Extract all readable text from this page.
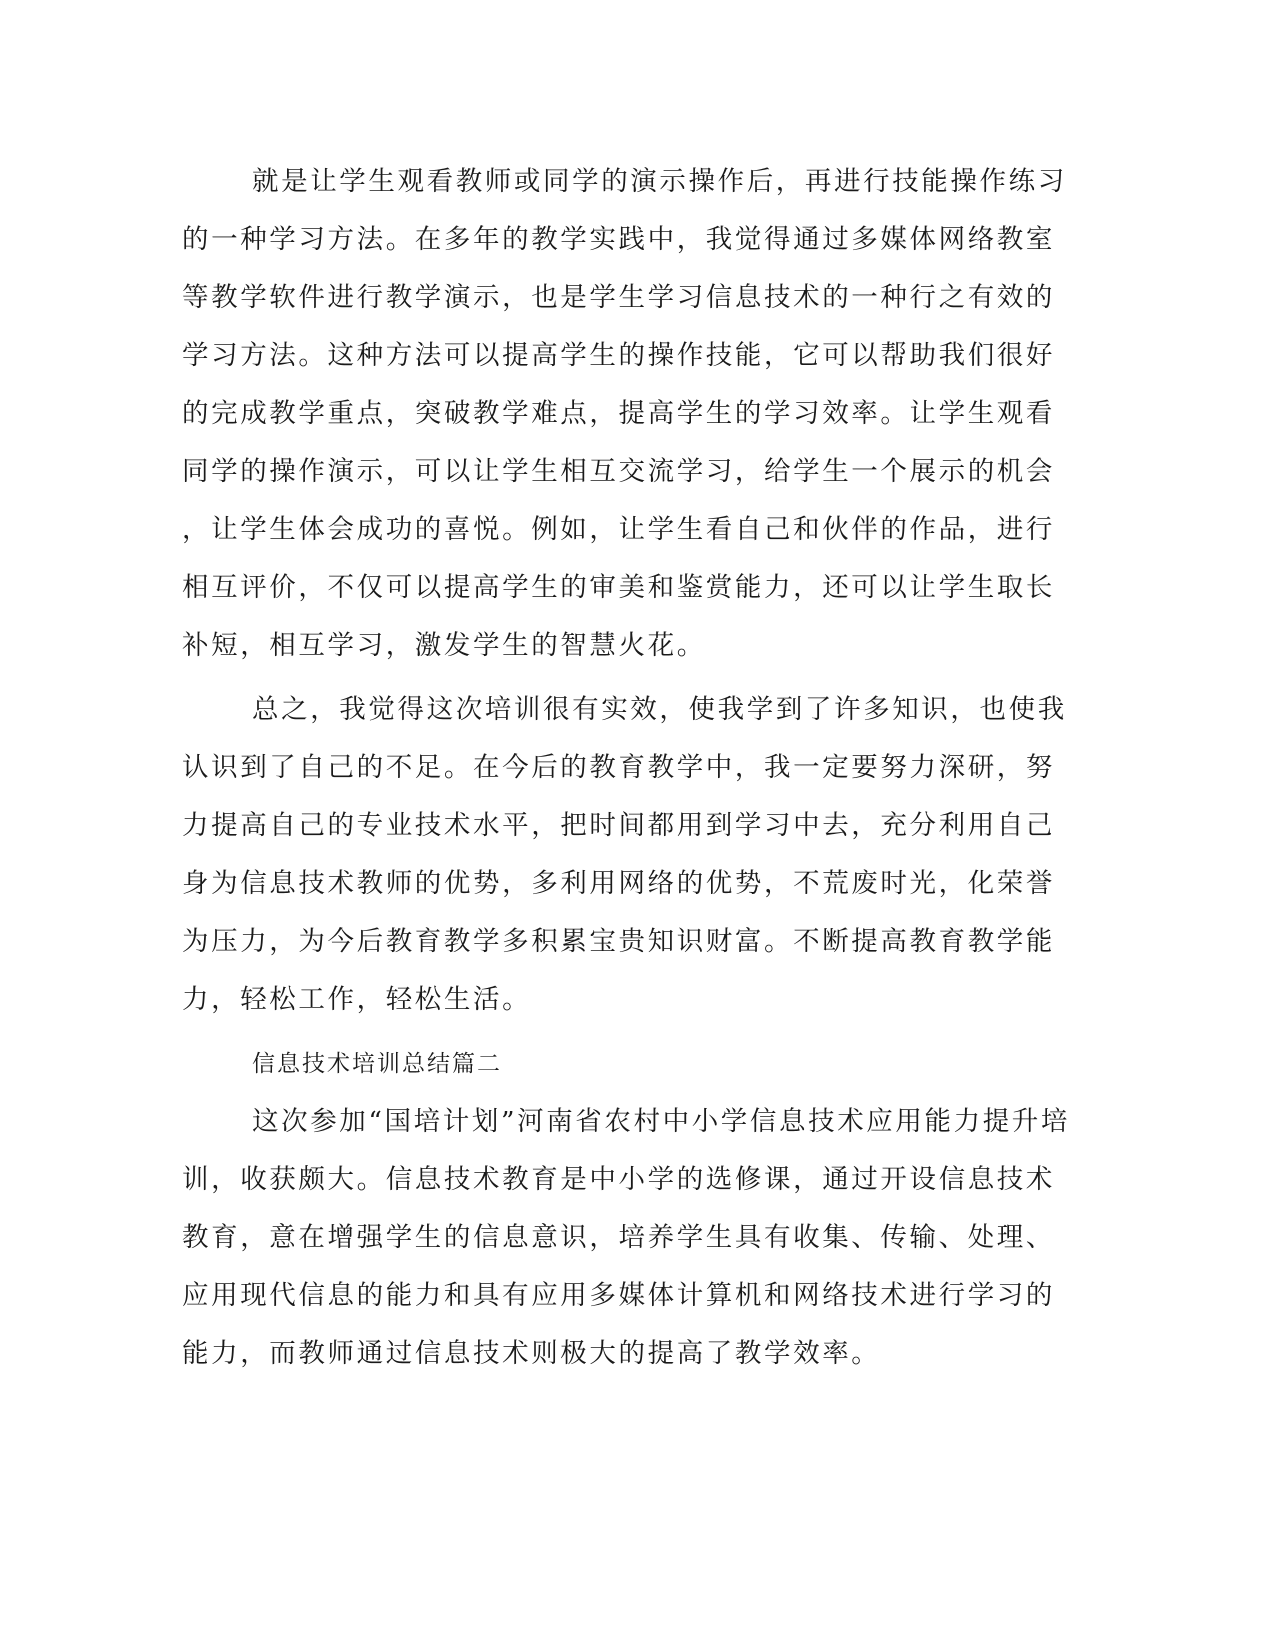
就是让学生观看教师或同学的演示操作后，再进行技能操作练习
的一种学习方法。在多年的教学实践中，我觉得通过多媒体网络教室
等教学软件进行教学演示，也是学生学习信息技术的一种行之有效的
学习方法。这种方法可以提高学生的操作技能，它可以帮助我们很好
的完成教学重点，突破教学难点，提高学生的学习效率。让学生观看
同学的操作演示，可以让学生相互交流学习，给学生一个展示的机会
，让学生体会成功的喜悦。例如，让学生看自己和伙伴的作品，进行
相互评价，不仅可以提高学生的审美和鉴赏能力，还可以让学生取长
补短，相互学习，激发学生的智慧火花。
总之，我觉得这次培训很有实效，使我学到了许多知识，也使我
认识到了自己的不足。在今后的教育教学中，我一定要努力深研，努
力提高自己的专业技术水平，把时间都用到学习中去，充分利用自己
身为信息技术教师的优势，多利用网络的优势，不荒废时光，化荣誉
为压力，为今后教育教学多积累宝贵知识财富。不断提高教育教学能
力，轻松工作，轻松生活。
信息技术培训总结篇二
这次参加“国培计划”河南省农村中小学信息技术应用能力提升培
训，收获颇大。信息技术教育是中小学的选修课，通过开设信息技术
教育，意在增强学生的信息意识，培养学生具有收集、传输、处理、
应用现代信息的能力和具有应用多媒体计算机和网络技术进行学习的
能力，而教师通过信息技术则极大的提高了教学效率。
